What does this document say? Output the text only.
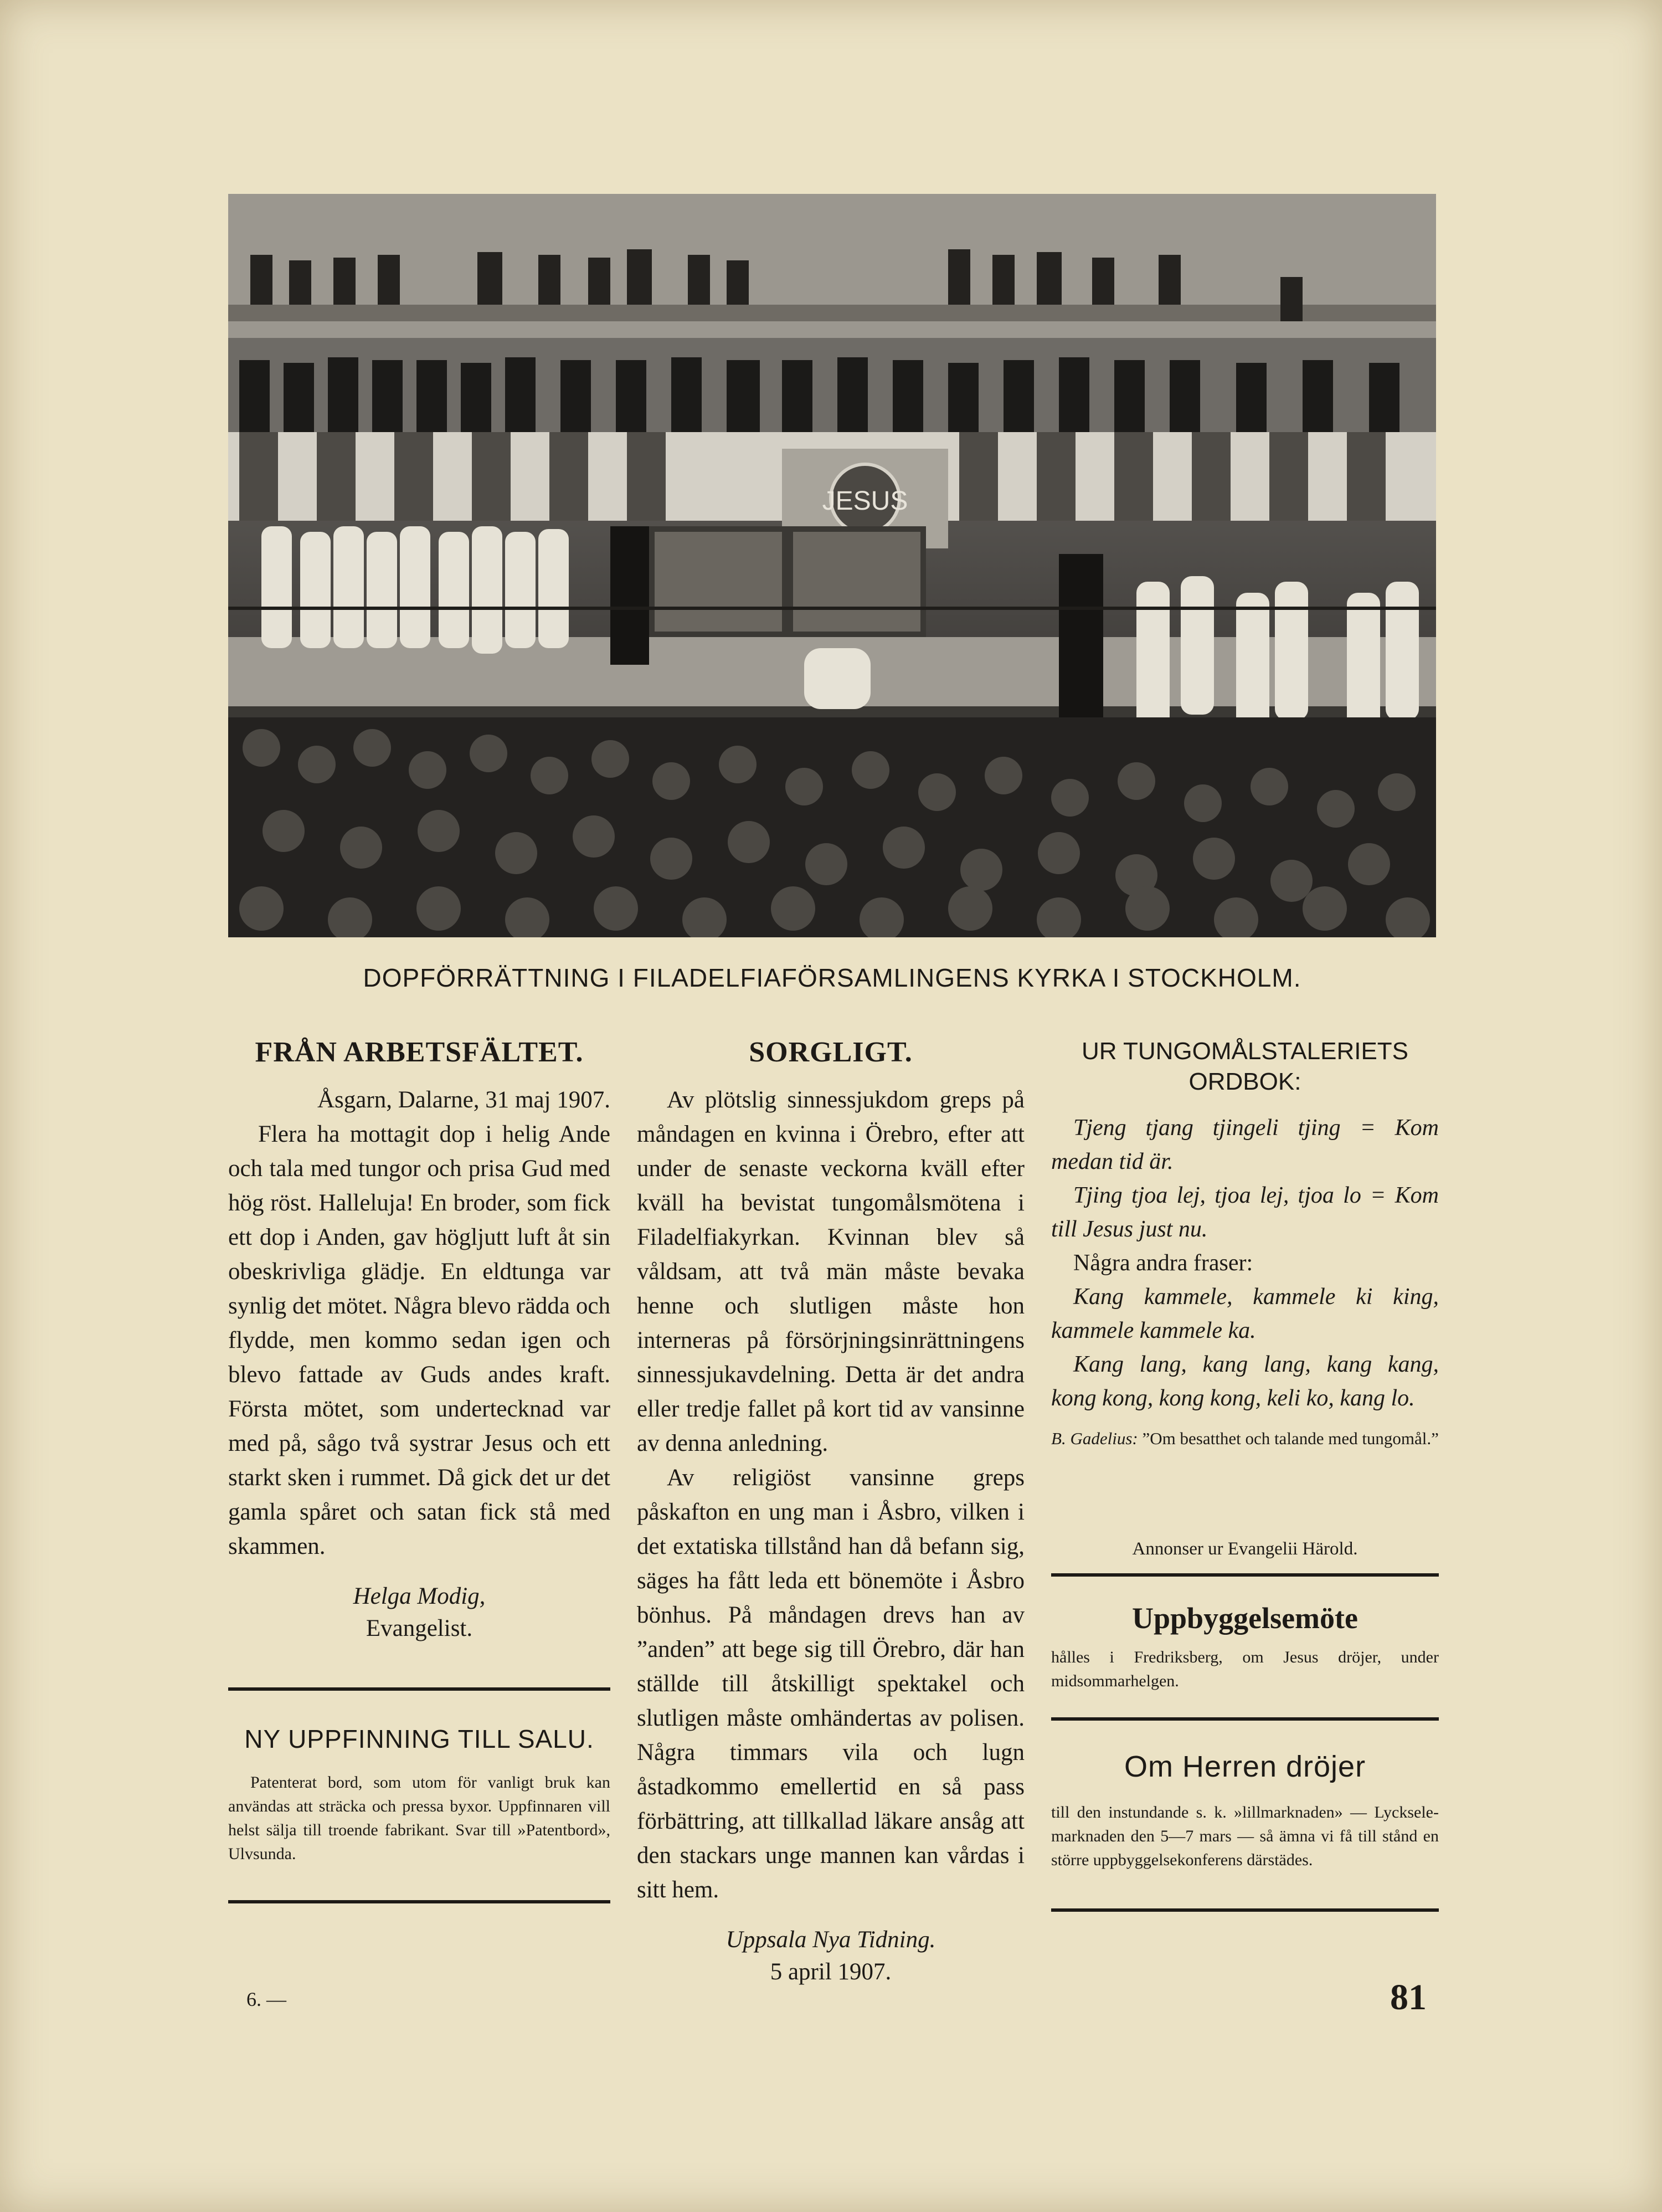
JESUS
DOPFÖRRÄTTNING I FILADELFIAFÖRSAMLINGENS KYRKA I STOCKHOLM.
FRÅN ARBETSFÄLTET.

Åsgarn, Dalarne, 31 maj 1907.

Flera ha mottagit dop i helig Ande och tala med tungor och prisa Gud med hög röst. Halleluja! En broder, som fick ett dop i Anden, gav högljutt luft åt sin obeskrivliga glädje. En eldtunga var synlig det mötet. Några blevo rädda och flydde, men kommo sedan igen och blevo fattade av Guds andes kraft. Första mötet, som undertecknad var med på, sågo två systrar Jesus och ett starkt sken i rummet. Då gick det ur det gamla spåret och satan fick stå med skammen.

Helga Modig,
Evangelist.

NY UPPFINNING TILL SALU.

Patenterat bord, som utom för vanligt bruk kan användas att sträcka och pressa byxor. Uppfinnaren vill helst sälja till troende fabrikant. Svar till »Patentbord», Ulvsunda.

SORGLIGT.

Av plötslig sinnessjukdom greps på måndagen en kvinna i Örebro, efter att under de senaste veckorna kväll efter kväll ha bevistat tungomålsmötena i Filadelfiakyrkan. Kvinnan blev så våldsam, att två män måste bevaka henne och slutligen måste hon interneras på försörjningsinrättningens sinnessjukavdelning. Detta är det andra eller tredje fallet på kort tid av vansinne av denna anledning.

Av religiöst vansinne greps påskafton en ung man i Åsbro, vilken i det extatiska tillstånd han då befann sig, säges ha fått leda ett bönemöte i Åsbro bönhus. På måndagen drevs han av ”anden” att bege sig till Örebro, där han ställde till åtskilligt spektakel och slutligen måste omhändertas av polisen. Några timmars vila och lugn åstadkommo emellertid en så pass förbättring, att tillkallad läkare ansåg att den stackars unge mannen kan vårdas i sitt hem.

Uppsala Nya Tidning.
5 april 1907.

UR TUNGOMÅLSTALERIETS ORDBOK:

Tjeng tjang tjingeli tjing = Kom medan tid är.

Tjing tjoa lej, tjoa lej, tjoa lo = Kom till Jesus just nu.

Några andra fraser:

Kang kammele, kammele ki king, kammele kammele ka.

Kang lang, kang lang, kang kang, kong kong, kong kong, keli ko, kang lo.

B. Gadelius: ”Om besatthet och talande med tungomål.”
Annonser ur Evangelii Härold.
Uppbyggelsemöte

hålles i Fredriksberg, om Jesus dröjer, under midsommarhelgen.

Om Herren dröjer

till den instundande s. k. »lillmarknaden» — Lycksele-marknaden den 5—7 mars — så ämna vi få till stånd en större uppbyggelsekonferens därstädes.

6. —	81
